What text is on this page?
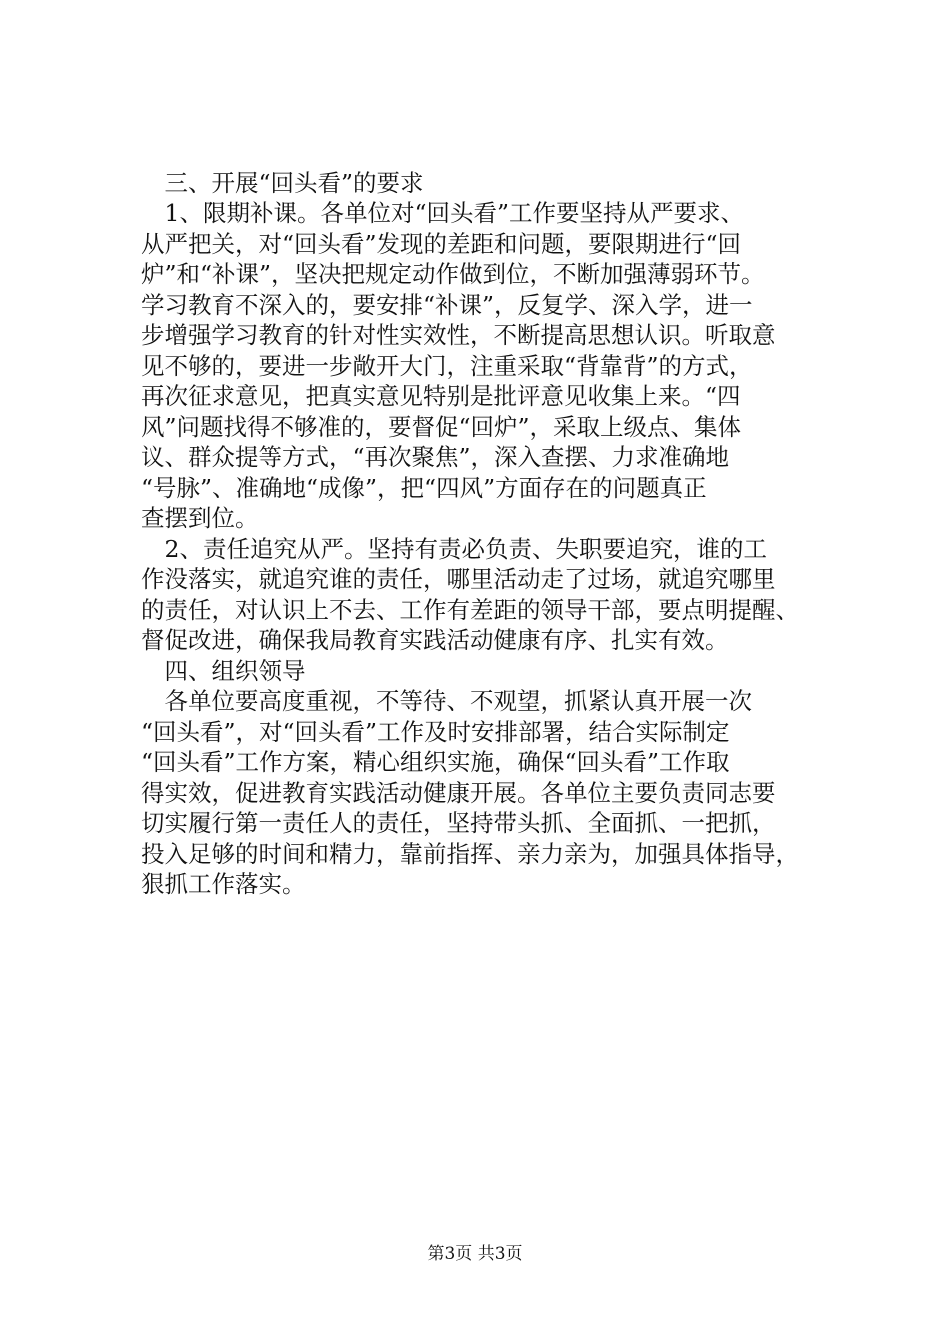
　三、开展“回头看”的要求
　1、限期补课。各单位对“回头看”工作要坚持从严要求、
从严把关，对“回头看”发现的差距和问题，要限期进行“回
炉”和“补课”，坚决把规定动作做到位，不断加强薄弱环节。
学习教育不深入的，要安排“补课”，反复学、深入学，进一
步增强学习教育的针对性实效性，不断提高思想认识。听取意
见不够的，要进一步敞开大门，注重采取“背靠背”的方式，
再次征求意见，把真实意见特别是批评意见收集上来。“四
风”问题找得不够准的，要督促“回炉”，采取上级点、集体
议、群众提等方式，“再次聚焦”，深入查摆、力求准确地
“号脉”、准确地“成像”，把“四风”方面存在的问题真正
查摆到位。
　2、责任追究从严。坚持有责必负责、失职要追究，谁的工
作没落实，就追究谁的责任，哪里活动走了过场，就追究哪里
的责任，对认识上不去、工作有差距的领导干部，要点明提醒、
督促改进，确保我局教育实践活动健康有序、扎实有效。
　四、组织领导
　各单位要高度重视，不等待、不观望，抓紧认真开展一次
“回头看”，对“回头看”工作及时安排部署，结合实际制定
“回头看”工作方案，精心组织实施，确保“回头看”工作取
得实效，促进教育实践活动健康开展。各单位主要负责同志要
切实履行第一责任人的责任，坚持带头抓、全面抓、一把抓，
投入足够的时间和精力，靠前指挥、亲力亲为，加强具体指导，
狠抓工作落实。
第3页 共3页
